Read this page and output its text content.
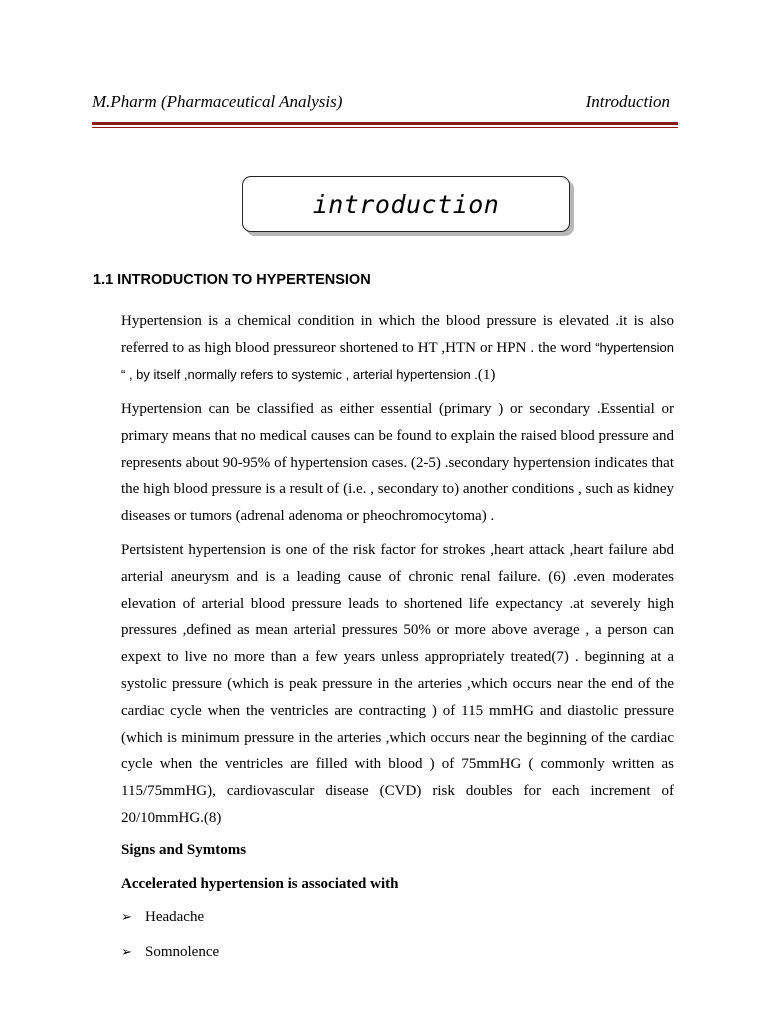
M.Pharm (Pharmaceutical Analysis)	Introduction
introduction
1.1 INTRODUCTION TO HYPERTENSION

Hypertension is a chemical condition in which the blood pressure is elevated .it is also referred to as high blood pressureor shortened to HT ,HTN or HPN . the word “hypertension “ , by itself ,normally refers to systemic , arterial hypertension .(1)

Hypertension can be classified as either essential (primary ) or secondary .Essential or primary means that no medical causes can be found to explain the raised blood pressure and represents about 90-95% of hypertension cases. (2-5) .secondary hypertension indicates that the high blood pressure is a result of (i.e. , secondary to) another conditions , such as kidney diseases or tumors (adrenal adenoma or pheochromocytoma) .

Pertsistent hypertension is one of the risk factor for strokes ,heart attack ,heart failure abd arterial aneurysm and is a leading cause of chronic renal failure. (6) .even moderates elevation of arterial blood pressure leads to shortened life expectancy .at severely high pressures ,defined as mean arterial pressures 50% or more above average , a person can expext to live no more than a few years unless appropriately treated(7) . beginning at a systolic pressure (which is peak pressure in the arteries ,which occurs near the end of the cardiac cycle when the ventricles are contracting ) of 115 mmHG and diastolic pressure (which is minimum pressure in the arteries ,which occurs near the beginning of the cardiac cycle when the ventricles are filled with blood ) of 75mmHG ( commonly written as 115/75mmHG), cardiovascular disease (CVD) risk doubles for each increment of 20/10mmHG.(8)

Signs and Symtoms
Accelerated hypertension is associated with
➢ Headache
➢ Somnolence
